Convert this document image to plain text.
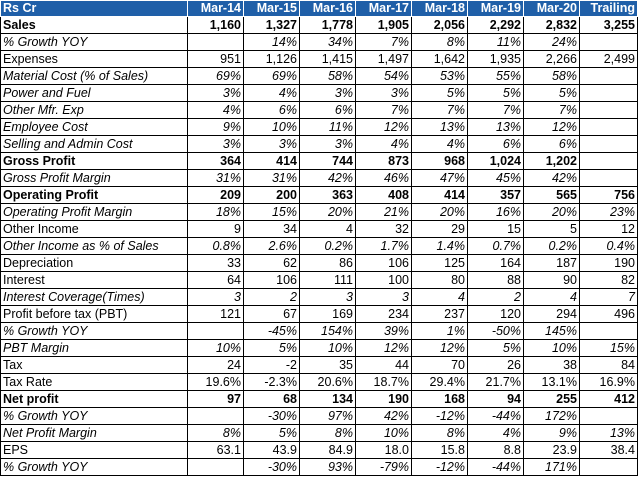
Rs Cr	Mar-14	Mar-15	Mar-16	Mar-17	Mar-18	Mar-19	Mar-20	Trailing
Sales	1,160	1,327	1,778	1,905	2,056	2,292	2,832	3,255
% Growth YOY		14%	34%	7%	8%	11%	24%	
Expenses	951	1,126	1,415	1,497	1,642	1,935	2,266	2,499
Material Cost (% of Sales)	69%	69%	58%	54%	53%	55%	58%	
Power and Fuel	3%	4%	3%	3%	5%	5%	5%	
Other Mfr. Exp	4%	6%	6%	7%	7%	7%	7%	
Employee Cost	9%	10%	11%	12%	13%	13%	12%	
Selling and Admin Cost	3%	3%	3%	4%	4%	6%	6%	
Gross Profit	364	414	744	873	968	1,024	1,202	
Gross Profit Margin	31%	31%	42%	46%	47%	45%	42%	
Operating Profit	209	200	363	408	414	357	565	756
Operating Profit Margin	18%	15%	20%	21%	20%	16%	20%	23%
Other Income	9	34	4	32	29	15	5	12
Other Income as % of Sales	0.8%	2.6%	0.2%	1.7%	1.4%	0.7%	0.2%	0.4%
Depreciation	33	62	86	106	125	164	187	190
Interest	64	106	111	100	80	88	90	82
Interest Coverage(Times)	3	2	3	3	4	2	4	7
Profit before tax (PBT)	121	67	169	234	237	120	294	496
% Growth YOY		-45%	154%	39%	1%	-50%	145%	
PBT Margin	10%	5%	10%	12%	12%	5%	10%	15%
Tax	24	-2	35	44	70	26	38	84
Tax Rate	19.6%	-2.3%	20.6%	18.7%	29.4%	21.7%	13.1%	16.9%
Net profit	97	68	134	190	168	94	255	412
% Growth YOY		-30%	97%	42%	-12%	-44%	172%	
Net Profit Margin	8%	5%	8%	10%	8%	4%	9%	13%
EPS	63.1	43.9	84.9	18.0	15.8	8.8	23.9	38.4
% Growth YOY		-30%	93%	-79%	-12%	-44%	171%	
